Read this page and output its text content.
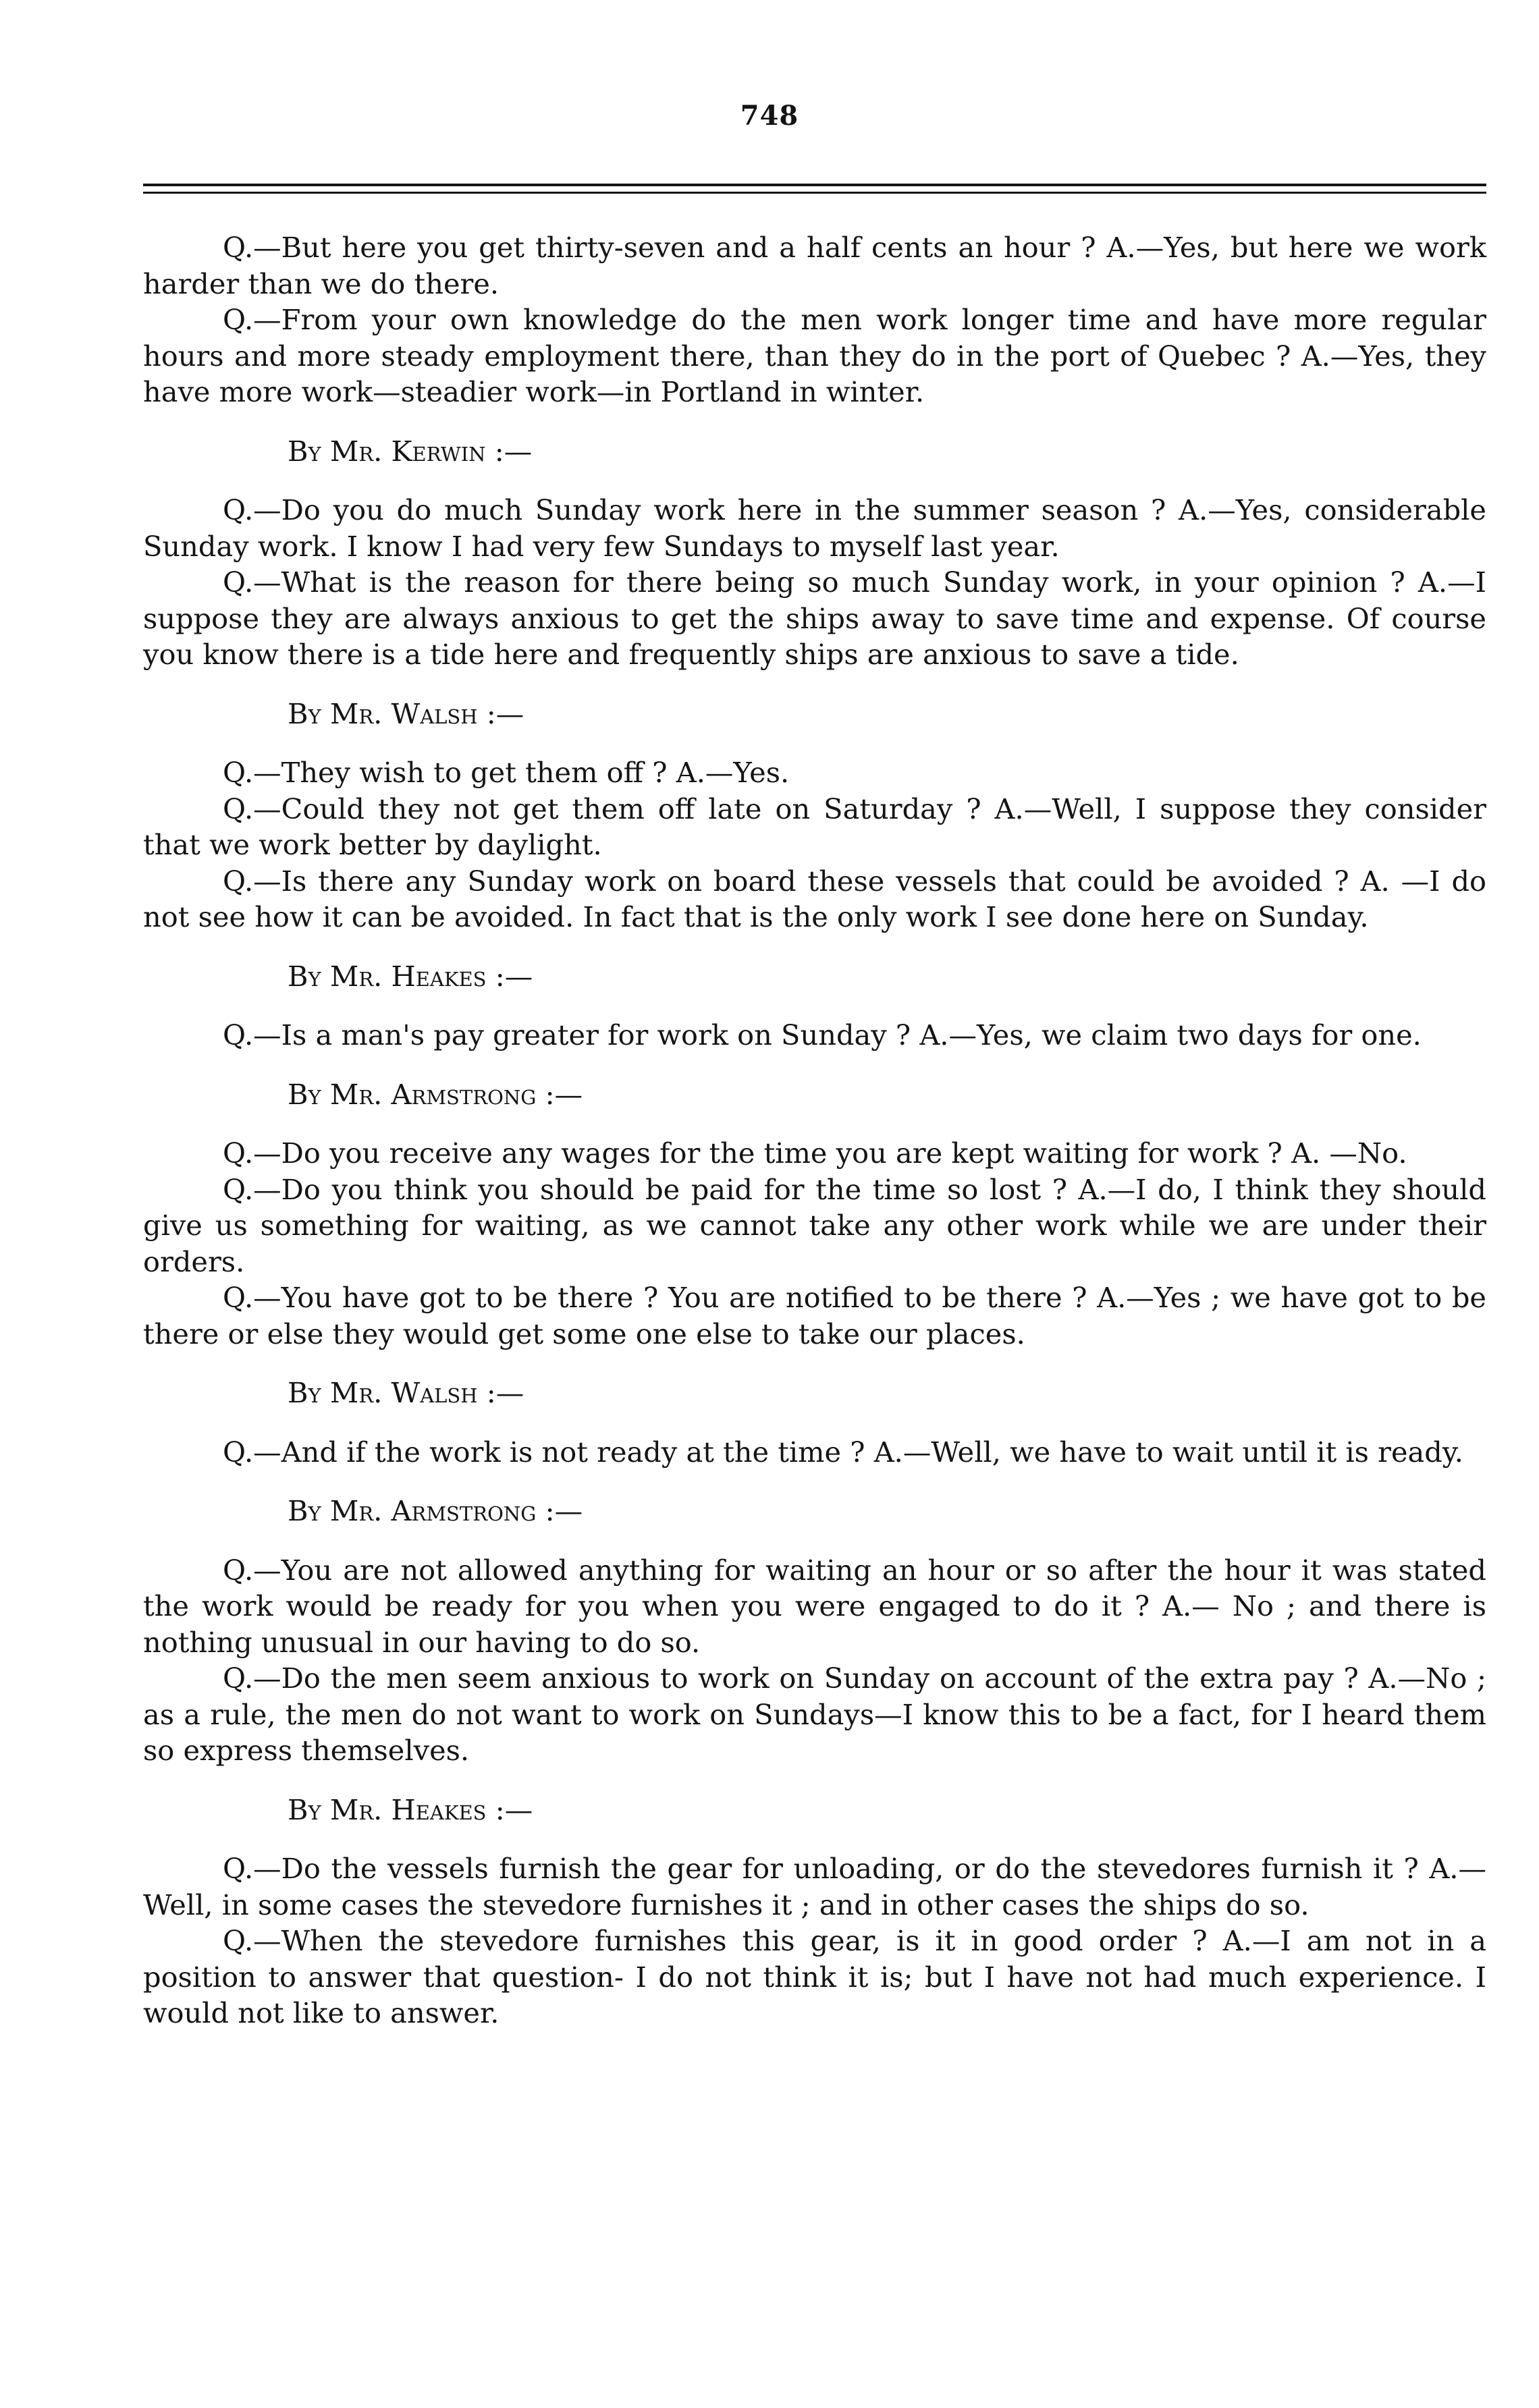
748

Q.—But here you get thirty-seven and a half cents an hour ? A.—Yes, but here we work harder than we do there.

Q.—From your own knowledge do the men work longer time and have more regular hours and more steady employment there, than they do in the port of Quebec ? A.—Yes, they have more work—steadier work—in Portland in winter.

By Mr. Kerwin :—

Q.—Do you do much Sunday work here in the summer season ? A.—Yes, considerable Sunday work. I know I had very few Sundays to myself last year.

Q.—What is the reason for there being so much Sunday work, in your opinion ? A.—I suppose they are always anxious to get the ships away to save time and expense. Of course you know there is a tide here and frequently ships are anxious to save a tide.

By Mr. Walsh :—

Q.—They wish to get them off ? A.—Yes.

Q.—Could they not get them off late on Saturday ? A.—Well, I suppose they consider that we work better by daylight.

Q.—Is there any Sunday work on board these vessels that could be avoided ? A. —I do not see how it can be avoided. In fact that is the only work I see done here on Sunday.

By Mr. Heakes :—

Q.—Is a man's pay greater for work on Sunday ? A.—Yes, we claim two days for one.

By Mr. Armstrong :—

Q.—Do you receive any wages for the time you are kept waiting for work ? A. —No.

Q.—Do you think you should be paid for the time so lost ? A.—I do, I think they should give us something for waiting, as we cannot take any other work while we are under their orders.

Q.—You have got to be there ? You are notified to be there ? A.—Yes ; we have got to be there or else they would get some one else to take our places.

By Mr. Walsh :—

Q.—And if the work is not ready at the time ? A.—Well, we have to wait until it is ready.

By Mr. Armstrong :—

Q.—You are not allowed anything for waiting an hour or so after the hour it was stated the work would be ready for you when you were engaged to do it ? A.— No ; and there is nothing unusual in our having to do so.

Q.—Do the men seem anxious to work on Sunday on account of the extra pay ? A.—No ; as a rule, the men do not want to work on Sundays—I know this to be a fact, for I heard them so express themselves.

By Mr. Heakes :—

Q.—Do the vessels furnish the gear for unloading, or do the stevedores furnish it ? A.—Well, in some cases the stevedore furnishes it ; and in other cases the ships do so.

Q.—When the stevedore furnishes this gear, is it in good order ? A.—I am not in a position to answer that question- I do not think it is; but I have not had much experience. I would not like to answer.
